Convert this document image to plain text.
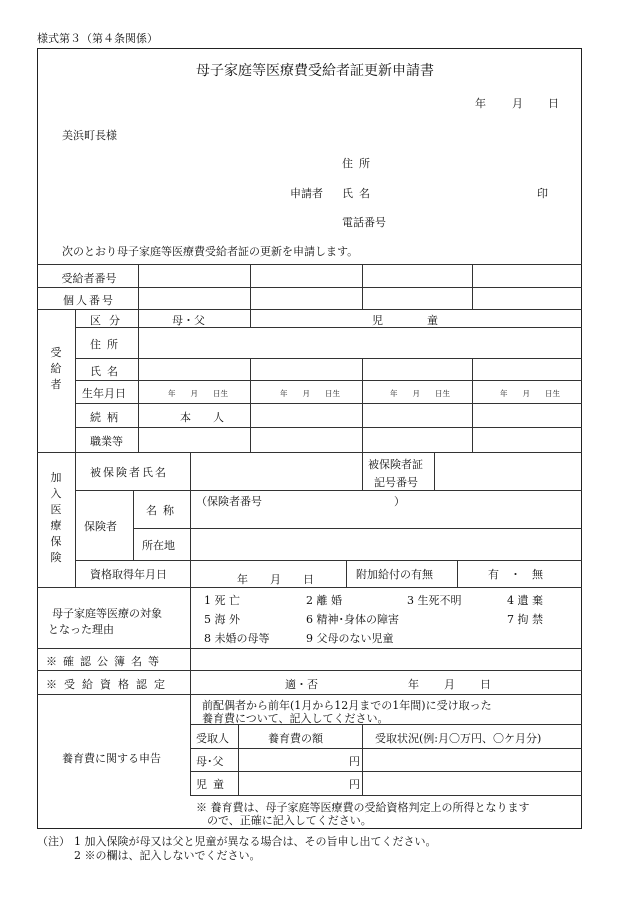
様式第３（第４条関係）
母子家庭等医療費受給者証更新申請書
年 月 日
美浜町長様
住所
申請者 氏名	印
電話番号
次のとおり母子家庭等医療費受給者証の更新を申請します。
受給者番号
個人番号
受
給
者
区分	母・父	児　　　　童
住所
氏名
生年月日	年　　月　　日生	年　　月　　日生	年　　月　　日生	年　　月　　日生
続柄	本　　人
職業等
加
入
医
療
保
険
被保険者氏名
被保険者証
記号番号
保険者
名称
（保険者番号　　　　　　　　　　　　）
所在地
資格取得年月日	年　　月　　日	附加給付の有無	有　・　無
母子家庭等医療の対象
となった理由
1 死 亡	2 離 婚	3 生死不明	4 遺 棄
5 海 外	6 精神･身体の障害	7 拘 禁
8 未婚の母等	9 父母のない児童
※確認公簿名等
※受給資格認定	適・否	年 月 日
養育費に関する申告
前配偶者から前年(1月から12月までの1年間)に受け取った
養育費について、記入してください。
受取人	養育費の額	受取状況(例:月〇万円、〇ケ月分)
母･父	円
児童	円
※ 養育費は、母子家庭等医療費の受給資格判定上の所得となります
　ので、正確に記入してください。
（注） 1 加入保険が母又は父と児童が異なる場合は、その旨申し出てください。
2 ※の欄は、記入しないでください。
